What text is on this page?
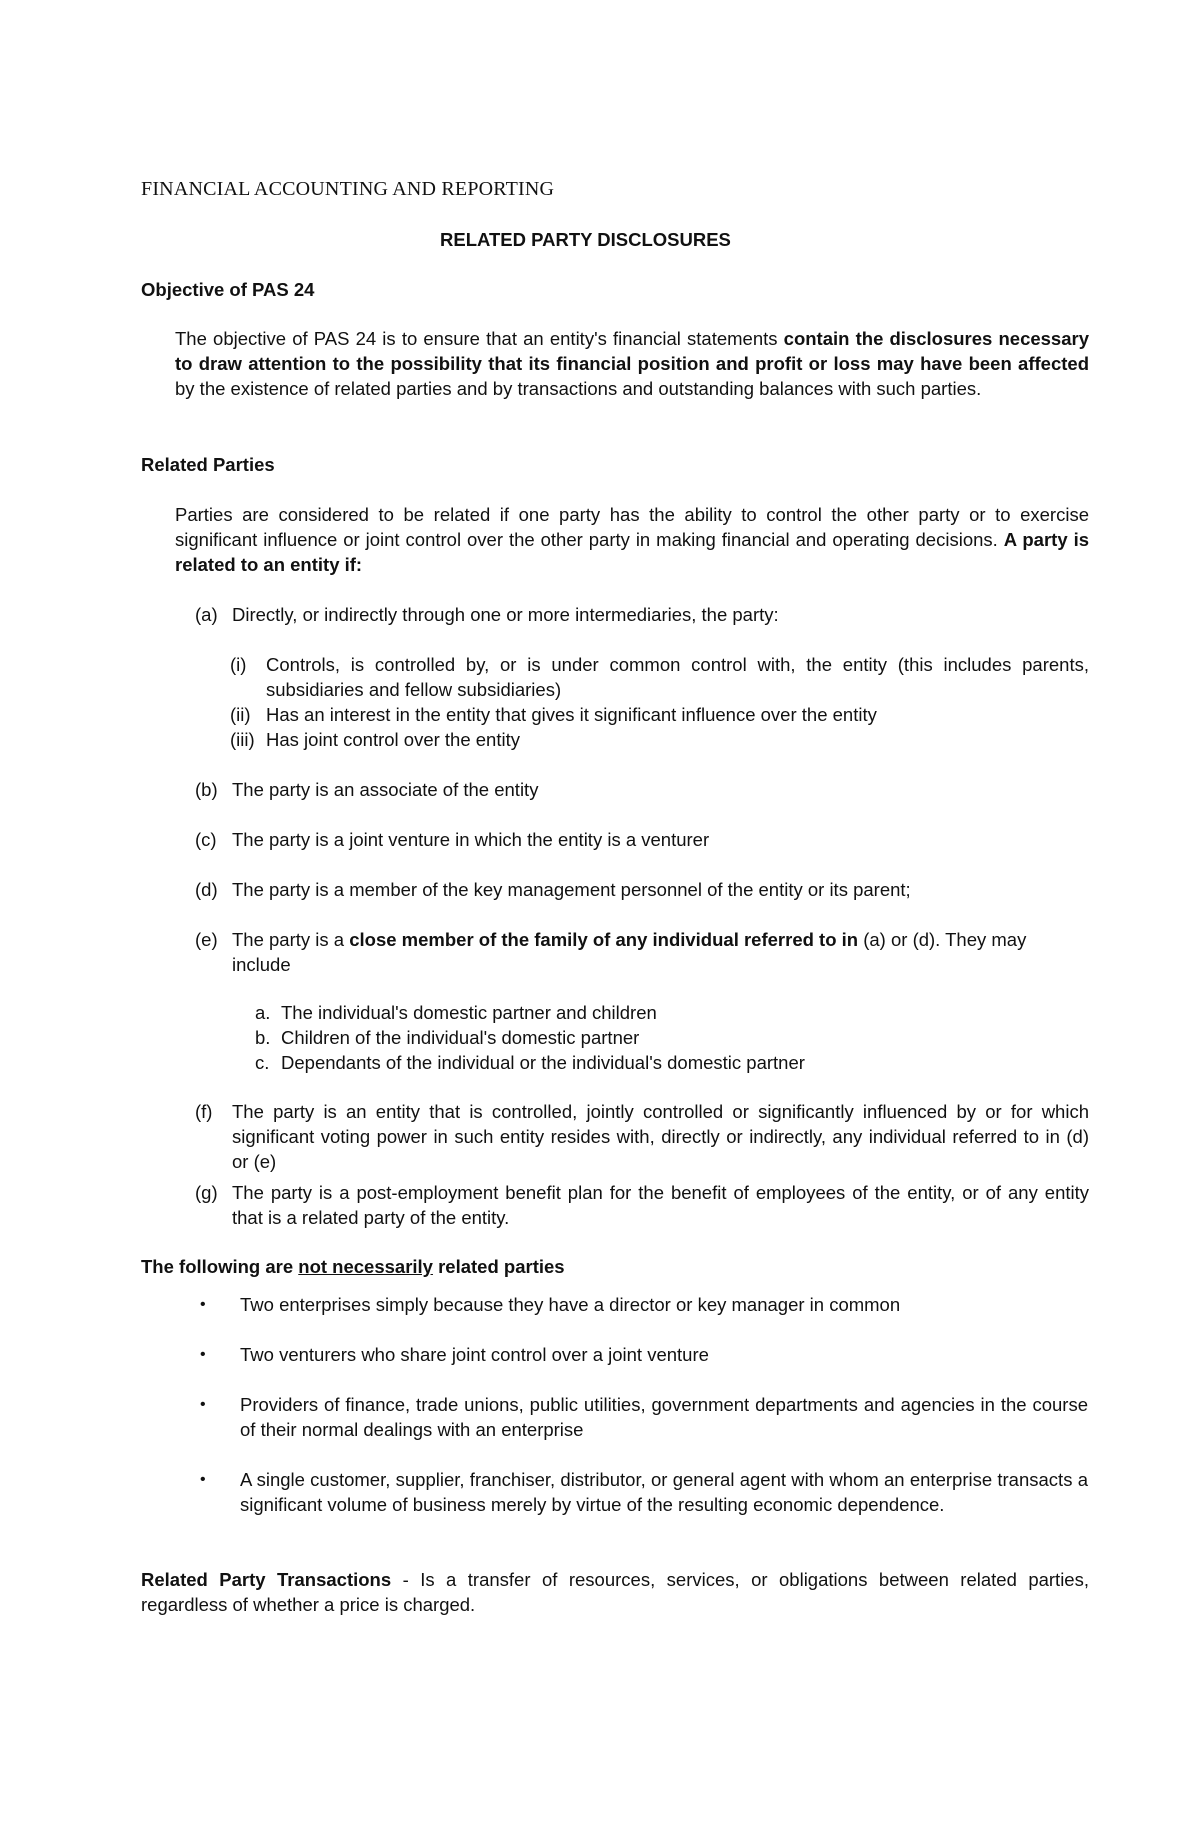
FINANCIAL ACCOUNTING AND REPORTING
RELATED PARTY DISCLOSURES
Objective of PAS 24
The objective of PAS 24 is to ensure that an entity's financial statements contain the disclosures necessary to draw attention to the possibility that its financial position and profit or loss may have been affected by the existence of related parties and by transactions and outstanding balances with such parties.
Related Parties
Parties are considered to be related if one party has the ability to control the other party or to exercise significant influence or joint control over the other party in making financial and operating decisions. A party is related to an entity if:
(a) Directly, or indirectly through one or more intermediaries, the party:
(i)	Controls, is controlled by, or is under common control with, the entity (this includes parents, subsidiaries and fellow subsidiaries)
(ii) Has an interest in the entity that gives it significant influence over the entity
(iii) Has joint control over the entity
(b) The party is an associate of the entity
(c) The party is a joint venture in which the entity is a venturer
(d) The party is a member of the key management personnel of the entity or its parent;
(e) The party is a close member of the family of any individual referred to in (a) or (d). They may include
a. The individual's domestic partner and children
b. Children of the individual's domestic partner
c. Dependants of the individual or the individual's domestic partner
(f)	The party is an entity that is controlled, jointly controlled or significantly influenced by or for which significant voting power in such entity resides with, directly or indirectly, any individual referred to in (d) or (e)
(g) The party is a post-employment benefit plan for the benefit of employees of the entity, or of any entity that is a related party of the entity.
The following are not necessarily related parties
•	Two enterprises simply because they have a director or key manager in common
•	Two venturers who share joint control over a joint venture
•	Providers of finance, trade unions, public utilities, government departments and agencies in the course of their normal dealings with an enterprise
•	A single customer, supplier, franchiser, distributor, or general agent with whom an enterprise transacts a significant volume of business merely by virtue of the resulting economic dependence.
Related Party Transactions - Is a transfer of resources, services, or obligations between related parties, regardless of whether a price is charged.
